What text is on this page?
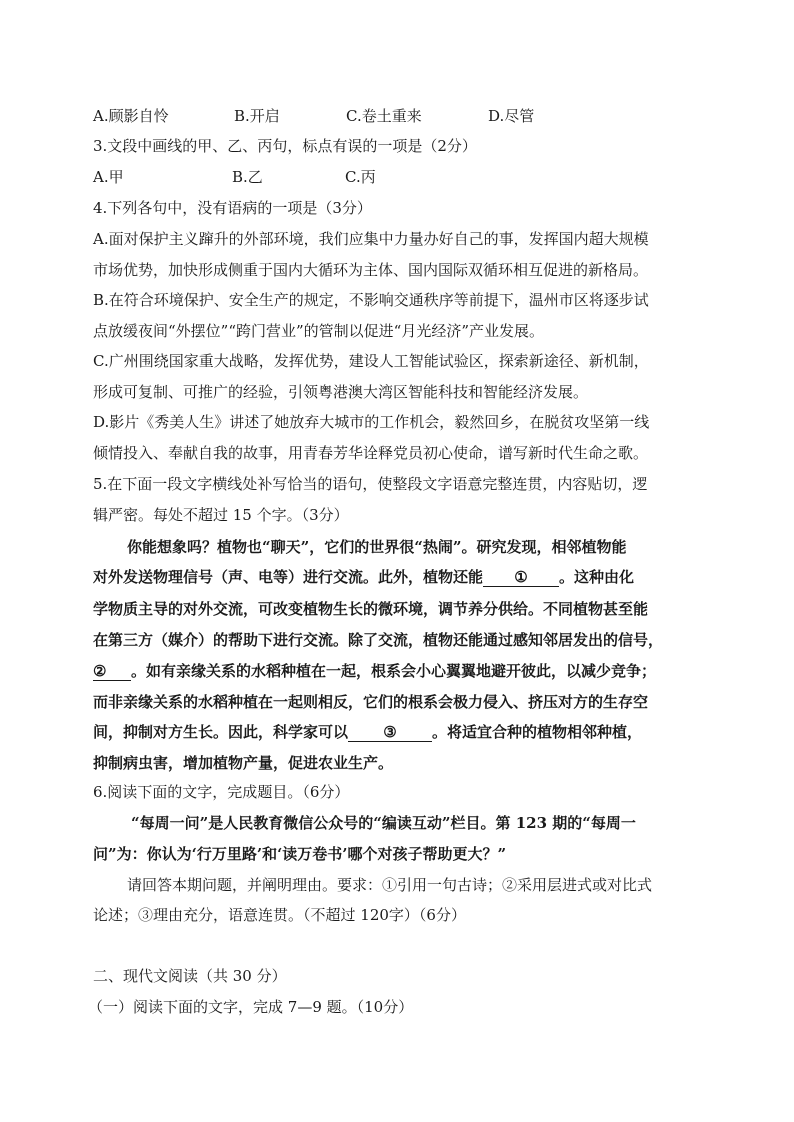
A.顾影自怜	B.开启	C.卷土重来	D.尽管
3.文段中画线的甲、乙、丙句，标点有误的一项是（2分）
A.甲	B.乙	C.丙
4.下列各句中，没有语病的一项是（3分）
A.面对保护主义蹿升的外部环境，我们应集中力量办好自己的事，发挥国内超大规模
市场优势，加快形成侧重于国内大循环为主体、国内国际双循环相互促进的新格局。
B.在符合环境保护、安全生产的规定，不影响交通秩序等前提下，温州市区将逐步试
点放缓夜间“外摆位”“跨门营业”的管制以促进“月光经济”产业发展。
C.广州围绕国家重大战略，发挥优势，建设人工智能试验区，探索新途径、新机制，
形成可复制、可推广的经验，引领粤港澳大湾区智能科技和智能经济发展。
D.影片《秀美人生》讲述了她放弃大城市的工作机会，毅然回乡，在脱贫攻坚第一线
倾情投入、奉献自我的故事，用青春芳华诠释党员初心使命，谱写新时代生命之歌。
5.在下面一段文字横线处补写恰当的语句，使整段文字语意完整连贯，内容贴切，逻
辑严密。每处不超过 15 个字。（3分）
你能想象吗？植物也“聊天”，它们的世界很“热闹”。研究发现，相邻植物能
对外发送物理信号（声、电等）进行交流。此外，植物还能 ① 。这种由化
学物质主导的对外交流，可改变植物生长的微环境，调节养分供给。不同植物甚至能
在第三方（媒介）的帮助下进行交流。除了交流，植物还能通过感知邻居发出的信号，
② 。如有亲缘关系的水稻种植在一起，根系会小心翼翼地避开彼此，以减少竞争；
而非亲缘关系的水稻种植在一起则相反，它们的根系会极力侵入、挤压对方的生存空
间，抑制对方生长。因此，科学家可以 ③ 。将适宜合种的植物相邻种植，
抑制病虫害，增加植物产量，促进农业生产。
6.阅读下面的文字，完成题目。（6分）
“每周一问”是人民教育微信公众号的“编读互动”栏目。第 123 期的“每周一
问”为：你认为‘行万里路’和‘读万卷书’哪个对孩子帮助更大？”
请回答本期问题，并阐明理由。要求：①引用一句古诗；②采用层进式或对比式
论述；③理由充分，语意连贯。（不超过 120字）（6分）
二、现代文阅读（共 30 分）
（一）阅读下面的文字，完成 7—9 题。（10分）
